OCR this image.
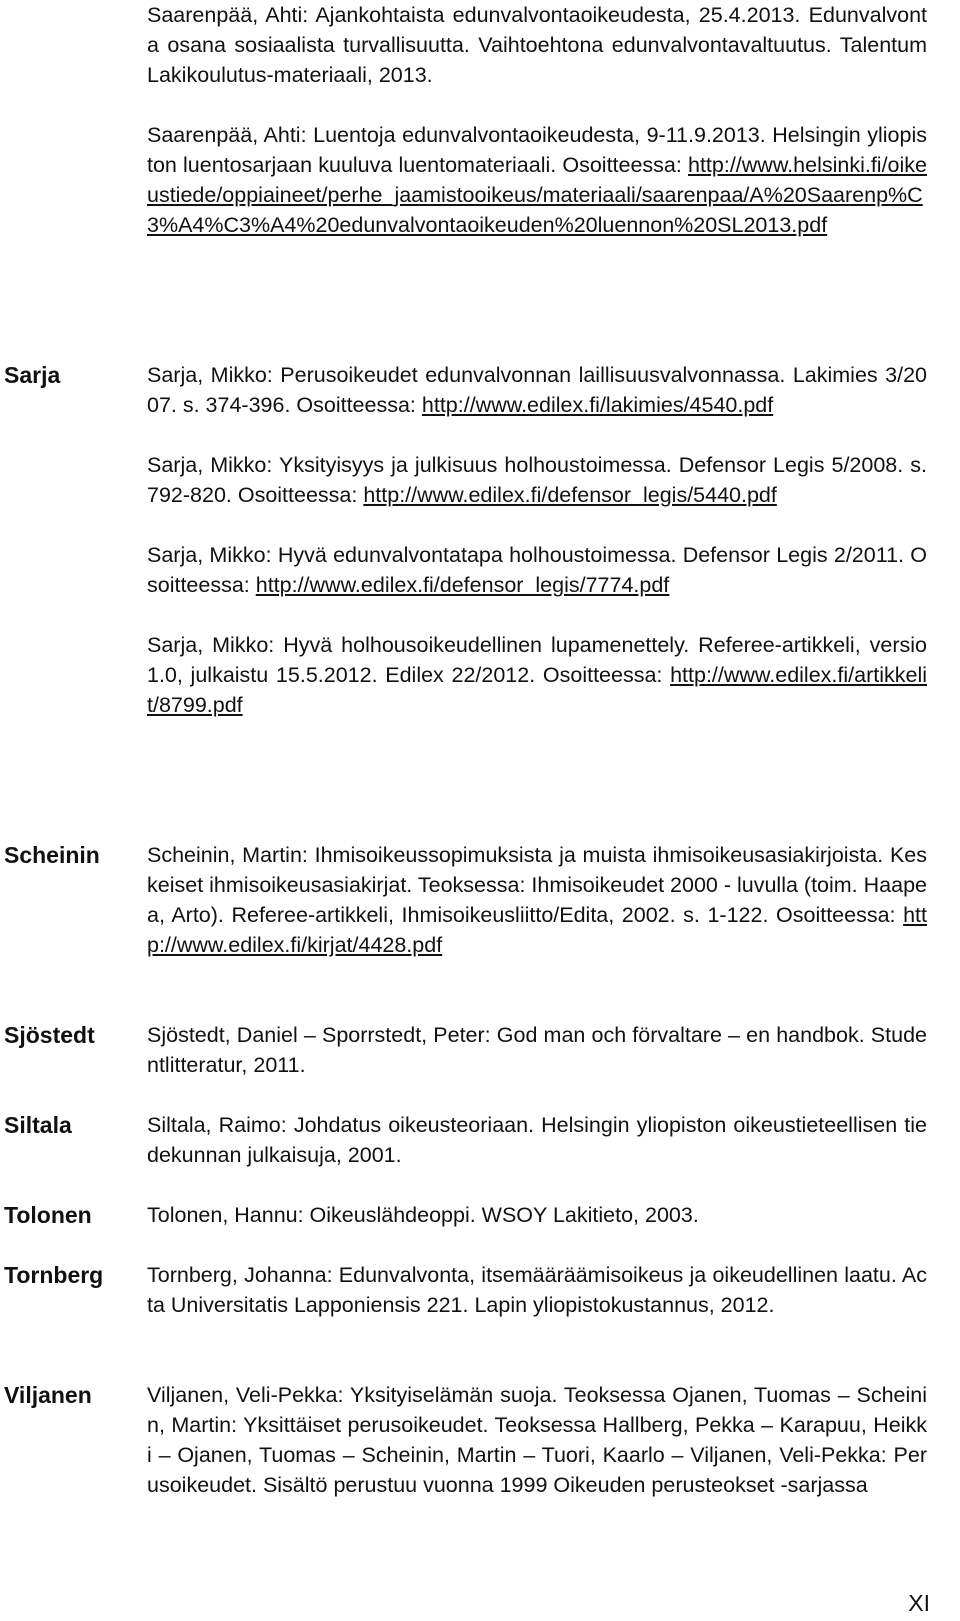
Saarenpää, Ahti: Ajankohtaista edunvalvontaoikeudesta, 25.4.2013. Edunvalvonta osana sosiaalista turvallisuutta. Vaihtoehtona edunvalvontavaltuutus. Talentum Lakikoulutus-materiaali, 2013.

Saarenpää, Ahti: Luentoja edunvalvontaoikeudesta, 9-11.9.2013. Helsingin yliopiston luentosarjaan kuuluva luentomateriaali. Osoitteessa: http://www.helsinki.fi/oikeustiede/oppiaineet/perhe_jaamistooikeus/materiaali/saarenpaa/A%20Saarenp%C3%A4%C3%A4%20edunvalvontaoikeuden%20luennon%20SL2013.pdf

Sarja	Sarja, Mikko: Perusoikeudet edunvalvonnan laillisuusvalvonnassa. Lakimies 3/2007. s. 374-396. Osoitteessa: http://www.edilex.fi/lakimies/4540.pdf

Sarja, Mikko: Yksityisyys ja julkisuus holhoustoimessa. Defensor Legis 5/2008. s. 792-820. Osoitteessa: http://www.edilex.fi/defensor_legis/5440.pdf

Sarja, Mikko: Hyvä edunvalvontatapa holhoustoimessa. Defensor Legis 2/2011. Osoitteessa: http://www.edilex.fi/defensor_legis/7774.pdf

Sarja, Mikko: Hyvä holhousoikeudellinen lupamenettely. Referee-artikkeli, versio 1.0, julkaistu 15.5.2012. Edilex 22/2012. Osoitteessa: http://www.edilex.fi/artikkelit/8799.pdf

Scheinin Scheinin, Martin: Ihmisoikeussopimuksista ja muista ihmisoikeusasiakirjoista. Keskeiset ihmisoikeusasiakirjat. Teoksessa: Ihmisoikeudet 2000 - luvulla (toim. Haapea, Arto). Referee-artikkeli, Ihmisoikeusliitto/Edita, 2002. s. 1-122. Osoitteessa: http://www.edilex.fi/kirjat/4428.pdf

Sjöstedt Sjöstedt, Daniel – Sporrstedt, Peter: God man och förvaltare – en handbok. Studentlitteratur, 2011.

Siltala	Siltala, Raimo: Johdatus oikeusteoriaan. Helsingin yliopiston oikeustieteellisen tiedekunnan julkaisuja, 2001.

Tolonen	Tolonen, Hannu: Oikeuslähdeoppi. WSOY Lakitieto, 2003.

Tornberg Tornberg, Johanna: Edunvalvonta, itsemääräämisoikeus ja oikeudellinen laatu. Acta Universitatis Lapponiensis 221. Lapin yliopistokustannus, 2012.

Viljanen	Viljanen, Veli-Pekka: Yksityiselämän suoja. Teoksessa Ojanen, Tuomas – Scheinin, Martin: Yksittäiset perusoikeudet. Teoksessa Hallberg, Pekka – Karapuu, Heikki – Ojanen, Tuomas – Scheinin, Martin – Tuori, Kaarlo – Viljanen, Veli-Pekka: Perusoikeudet. Sisältö perustuu vuonna 1999 Oikeuden perusteokset -sarjassa

XI
